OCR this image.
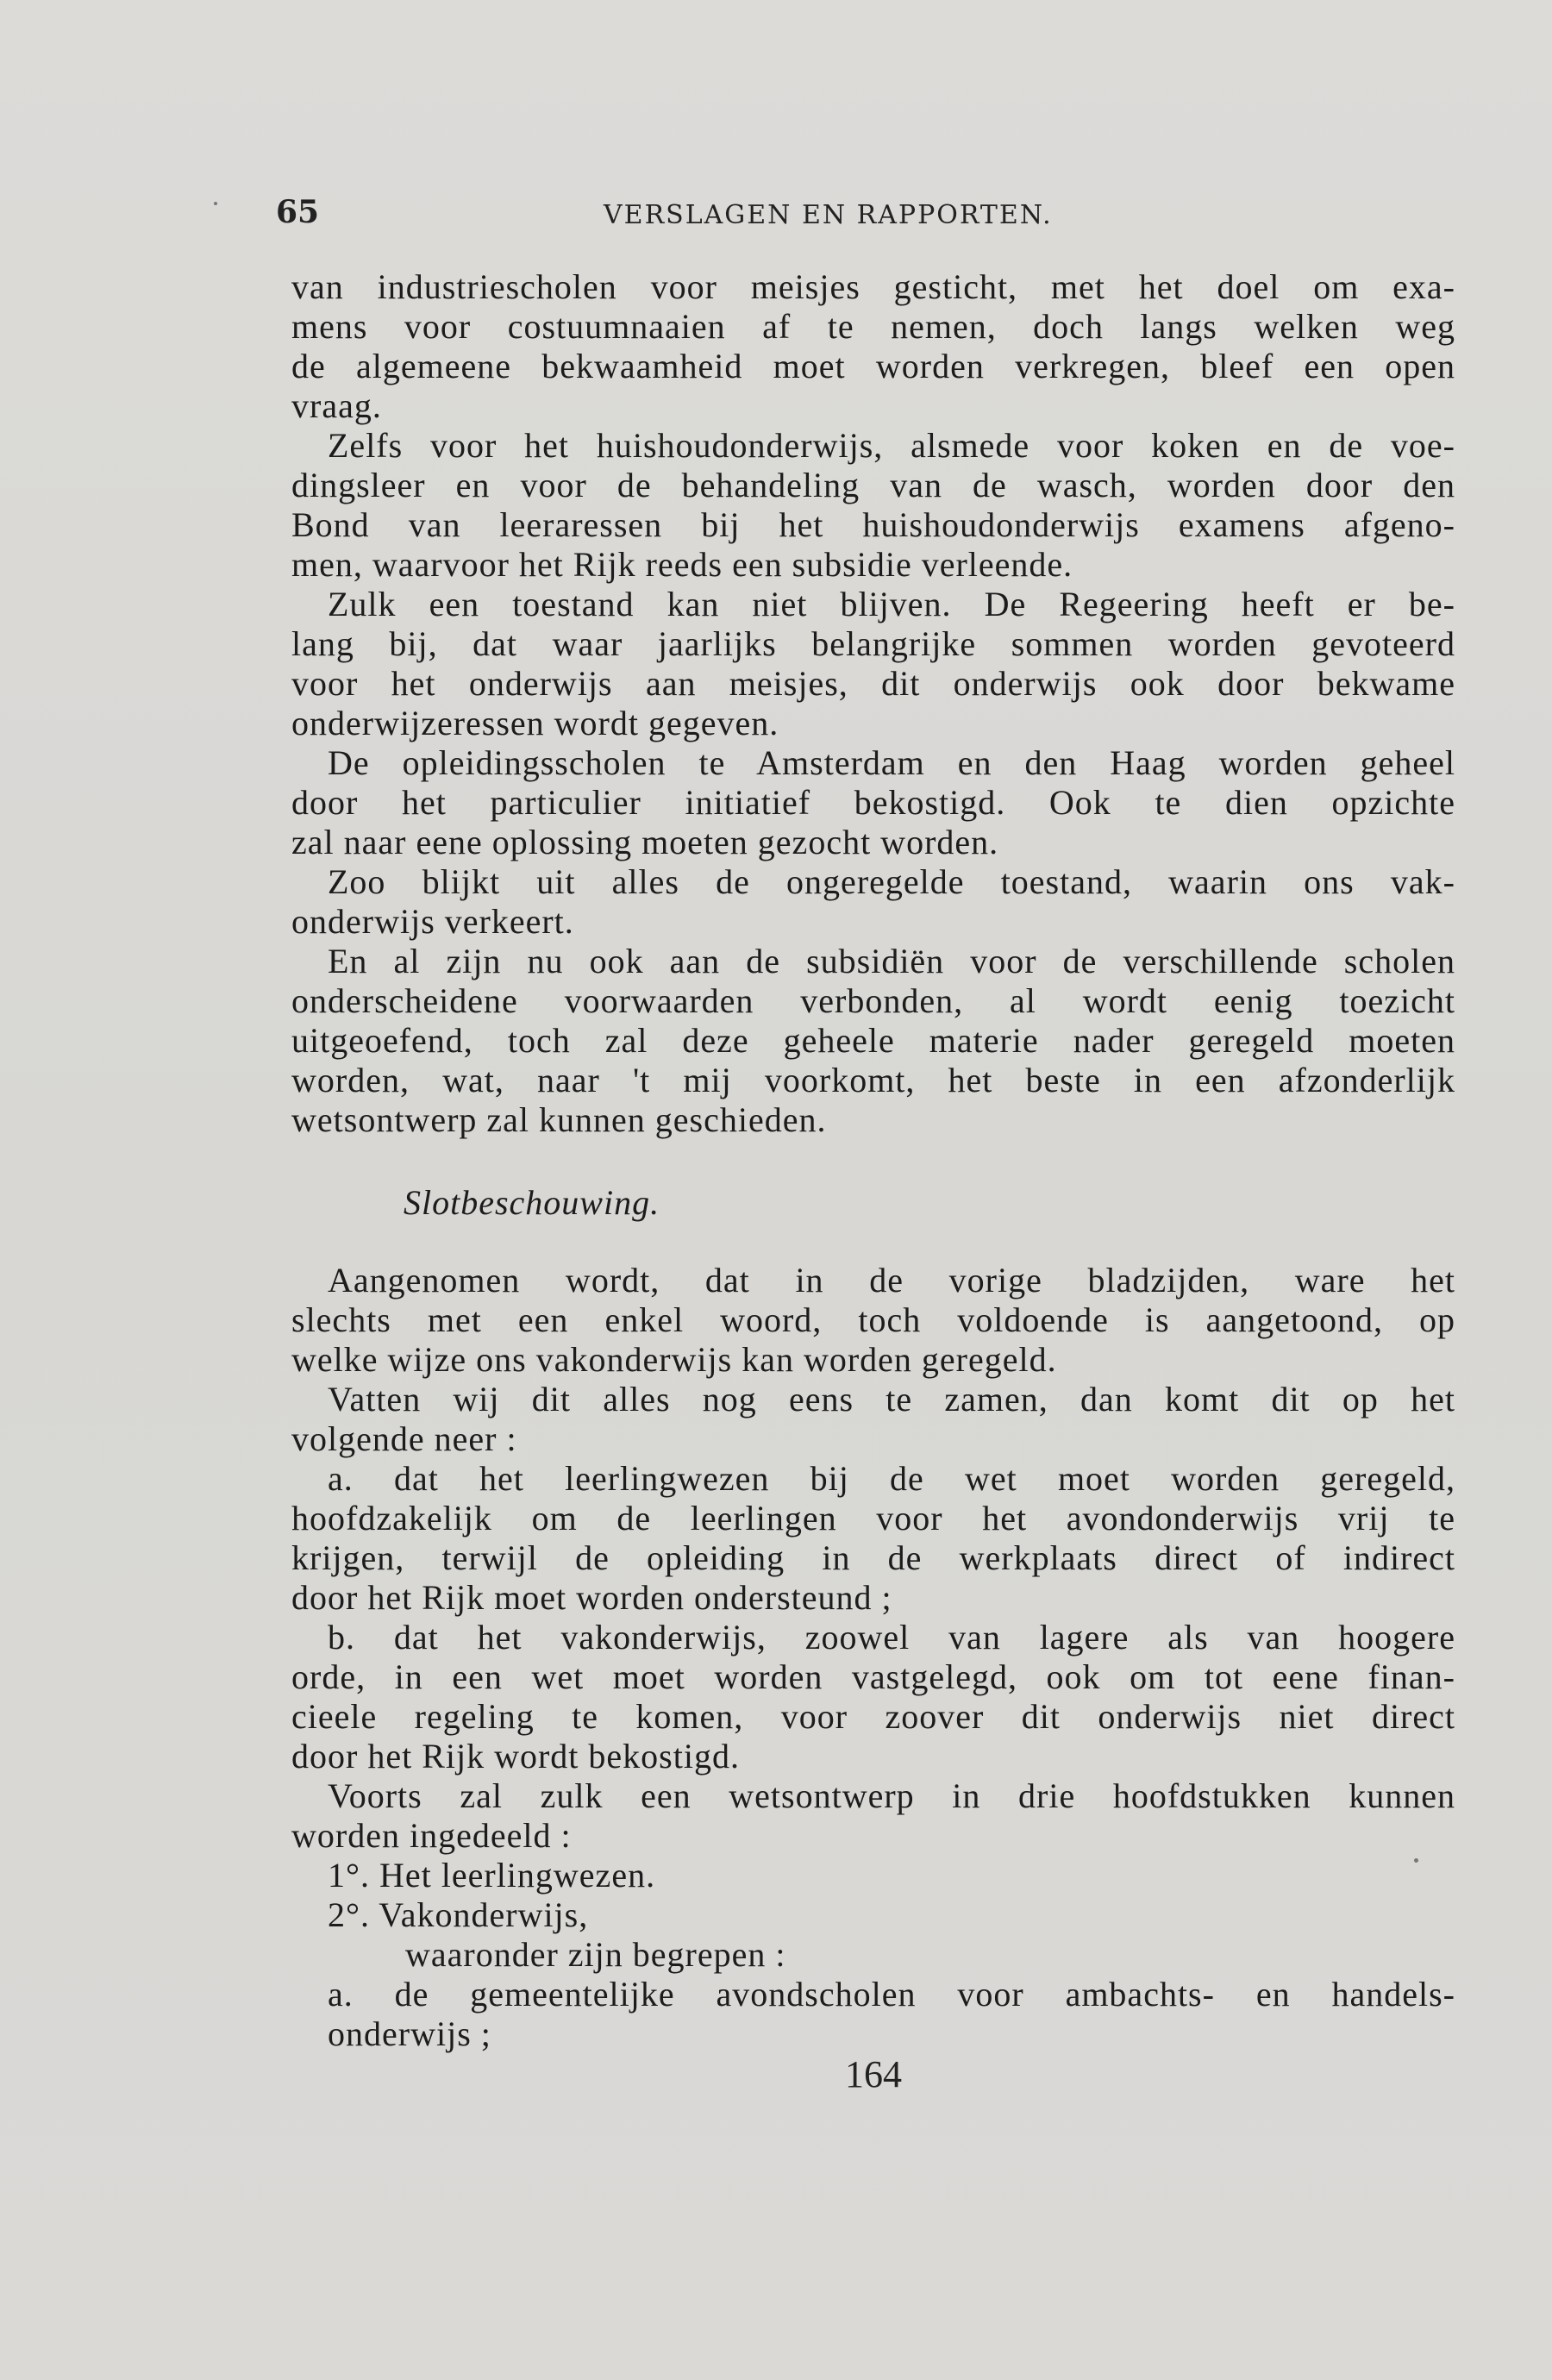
65	VERSLAGEN EN RAPPORTEN.
van industriescholen voor meisjes gesticht, met het doel om exa-
mens voor costuumnaaien af te nemen, doch langs welken weg
de algemeene bekwaamheid moet worden verkregen, bleef een open
vraag.
Zelfs voor het huishoudonderwijs, alsmede voor koken en de voe-
dingsleer en voor de behandeling van de wasch, worden door den
Bond van leeraressen bij het huishoudonderwijs examens afgeno-
men, waarvoor het Rijk reeds een subsidie verleende.
Zulk een toestand kan niet blijven. De Regeering heeft er be-
lang bij, dat waar jaarlijks belangrijke sommen worden gevoteerd
voor het onderwijs aan meisjes, dit onderwijs ook door bekwame
onderwijzeressen wordt gegeven.
De opleidingsscholen te Amsterdam en den Haag worden geheel
door het particulier initiatief bekostigd. Ook te dien opzichte
zal naar eene oplossing moeten gezocht worden.
Zoo blijkt uit alles de ongeregelde toestand, waarin ons vak-
onderwijs verkeert.
En al zijn nu ook aan de subsidiën voor de verschillende scholen
onderscheidene voorwaarden verbonden, al wordt eenig toezicht
uitgeoefend, toch zal deze geheele materie nader geregeld moeten
worden, wat, naar 't mij voorkomt, het beste in een afzonderlijk
wetsontwerp zal kunnen geschieden.
Slotbeschouwing.
Aangenomen wordt, dat in de vorige bladzijden, ware het
slechts met een enkel woord, toch voldoende is aangetoond, op
welke wijze ons vakonderwijs kan worden geregeld.
Vatten wij dit alles nog eens te zamen, dan komt dit op het
volgende neer :
a. dat het leerlingwezen bij de wet moet worden geregeld,
hoofdzakelijk om de leerlingen voor het avondonderwijs vrij te
krijgen, terwijl de opleiding in de werkplaats direct of indirect
door het Rijk moet worden ondersteund ;
b. dat het vakonderwijs, zoowel van lagere als van hoogere
orde, in een wet moet worden vastgelegd, ook om tot eene finan-
cieele regeling te komen, voor zoover dit onderwijs niet direct
door het Rijk wordt bekostigd.
Voorts zal zulk een wetsontwerp in drie hoofdstukken kunnen
worden ingedeeld :
1°. Het leerlingwezen.
2°. Vakonderwijs,
waaronder zijn begrepen :
a. de gemeentelijke avondscholen voor ambachts- en handels-
onderwijs ;
164
